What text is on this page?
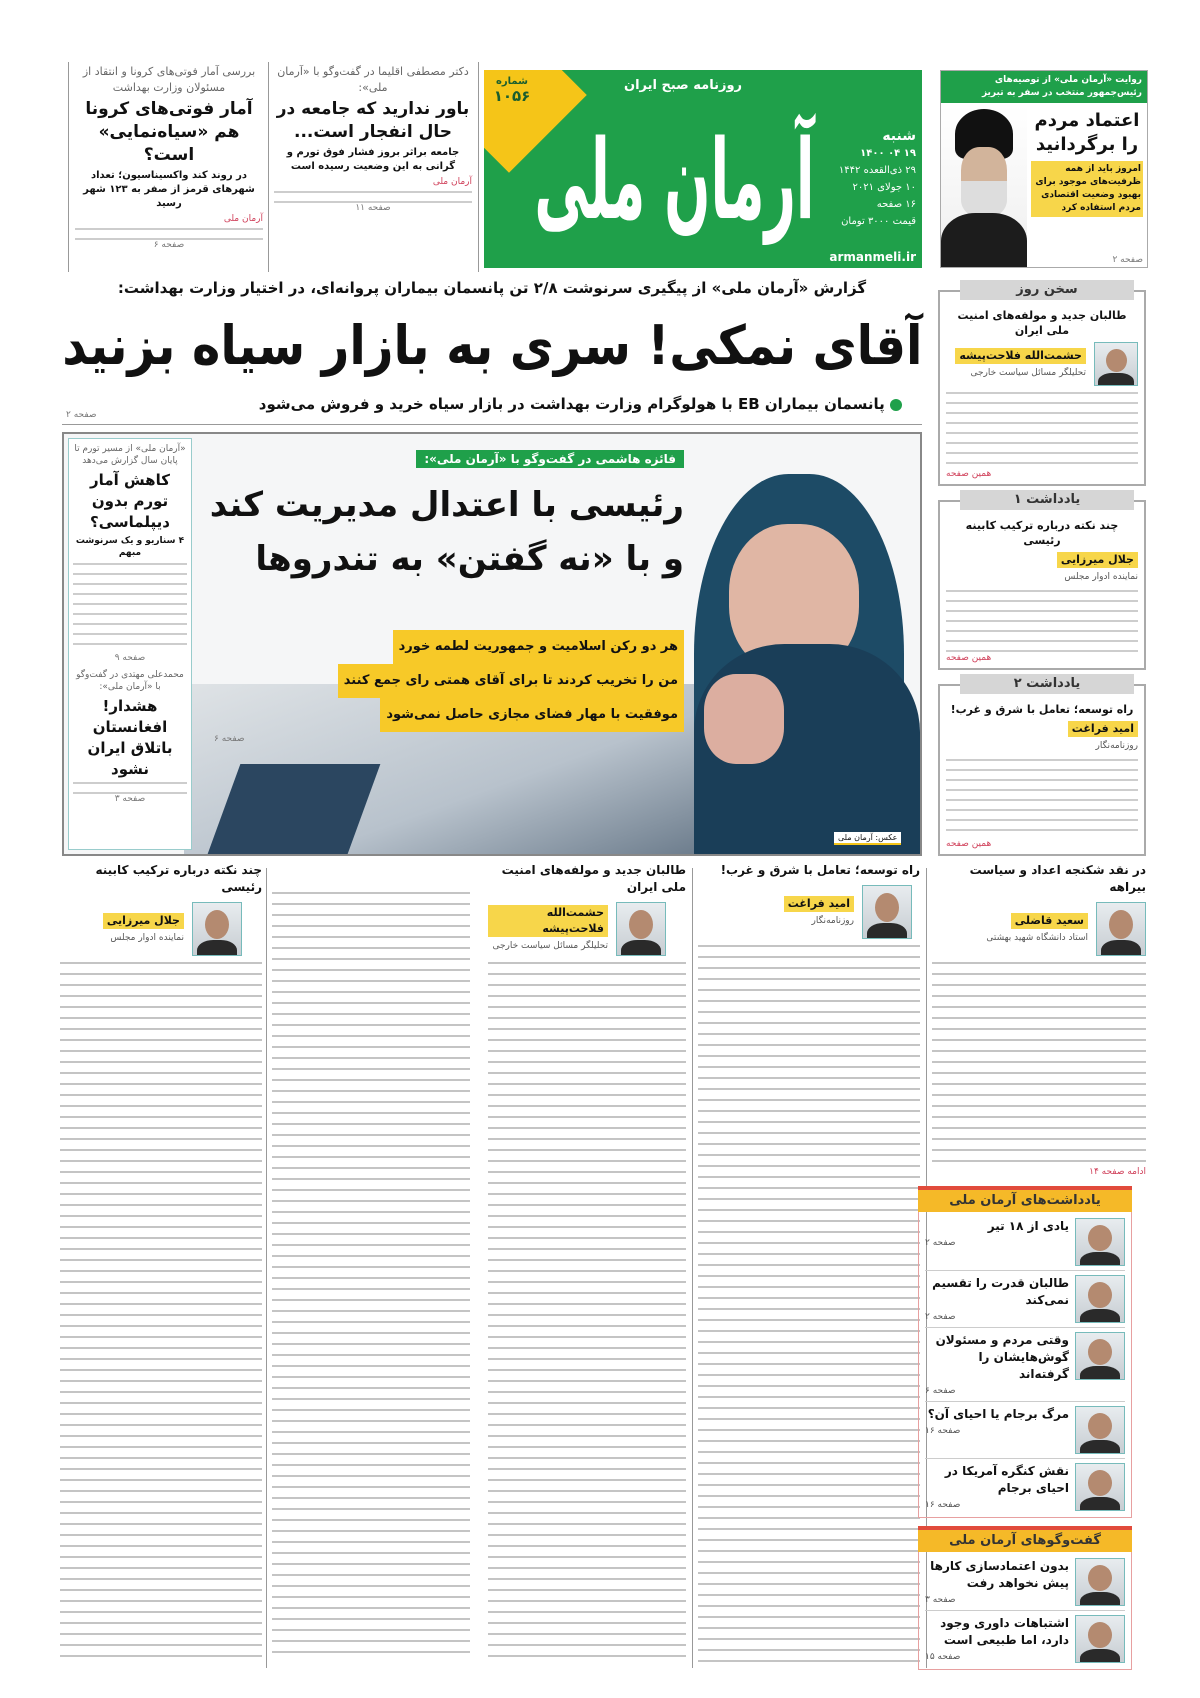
بررسی آمار فوتی‌های کرونا و انتقاد از مسئولان وزارت بهداشت
آمار فوتی‌های کرونا هم «سیاه‌نمایی» است؟
در روند کند واکسیناسیون؛ تعداد شهرهای قرمز از صفر به ۱۲۳ شهر رسید
آرمان ملی
صفحه ۶
دکتر مصطفی اقلیما در گفت‌وگو با «آرمان ملی»:
باور ندارید که جامعه در حال انفجار است...
جامعه براثر بروز فشار فوق تورم و گرانی به این وضعیت رسیده است
آرمان ملی
صفحه ۱۱
شماره
۱۰۵۶
روزنامه صبح ایران
آرمان ملی	شنبه
۱۹ ۰۴ ۱۴۰۰
۲۹ ذی‌القعده ۱۴۴۲
۱۰ جولای ۲۰۲۱
۱۶ صفحه
قیمت ۳۰۰۰ تومان
armanmeli.ir
روایت «آرمان ملی» از توصیه‌های رئیس‌جمهور منتخب در سفر به تبریز
اعتماد مردم را برگردانید
امروز باید از همه ظرفیت‌های موجود برای بهبود وضعیت اقتصادی مردم استفاده کرد
صفحه ۲
گزارش «آرمان ملی» از پیگیری سرنوشت ۲/۸ تن پانسمان بیماران پروانه‌ای، در اختیار وزارت بهداشت:
آقای نمکی! سری به بازار سیاه بزنید
پانسمان بیماران EB با هولوگرام وزارت بهداشت در بازار سیاه خرید و فروش می‌شود
صفحه ۲
«آرمان ملی» از مسیر تورم تا پایان سال گزارش می‌دهد
کاهش آمار تورم بدون دیپلماسی؟
۴ سناریو و یک سرنوشت مبهم
صفحه ۹
محمدعلی مهتدی در گفت‌وگو با «آرمان ملی»:
هشدار! افغانستان باتلاق ایران نشود
صفحه ۳
فائزه هاشمی در گفت‌وگو با «آرمان ملی»:
رئیسی با اعتدال مدیریت کند
و با «نه گفتن» به تندروها
هر دو رکن اسلامیت و جمهوریت لطمه خورد
من را تخریب کردند تا برای آقای همتی رای جمع کنند
موفقیت با مهار فضای مجازی حاصل نمی‌شود
صفحه ۶
عکس: آرمان ملی
سخن روز
طالبان جدید و مولفه‌های امنیت ملی ایران
حشمت‌الله فلاحت‌پیشه
تحلیلگر مسائل سیاست خارجی
همین صفحه
یادداشت ۱
چند نکته درباره ترکیب کابینه رئیسی
جلال میرزایی
نماینده ادوار مجلس
همین صفحه
یادداشت ۲
راه توسعه؛ تعامل با شرق و غرب!
امید فراغت
روزنامه‌نگار
همین صفحه
در نقد شکنجه اعداد و سیاست بیراهه
سعید قاضلی
استاد دانشگاه شهید بهشتی
ادامه صفحه ۱۴
راه توسعه؛ تعامل با شرق و غرب!
امید فراغت
روزنامه‌نگار
طالبان جدید و مولفه‌های امنیت ملی ایران
حشمت‌الله فلاحت‌پیشه
تحلیلگر مسائل سیاست خارجی
چند نکته درباره ترکیب کابینه رئیسی
جلال میرزایی
نماینده ادوار مجلس
یادداشت‌های آرمان ملی
یادی از ۱۸ تیر
صفحه ۲
طالبان قدرت را تقسیم نمی‌کند
صفحه ۲
وقتی مردم و مسئولان گوش‌هایشان را گرفته‌اند
صفحه ۶
مرگ برجام یا احیای آن؟
صفحه ۱۶
نقش کنگره آمریکا در احیای برجام
صفحه ۱۶
گفت‌وگوهای آرمان ملی
بدون اعتمادسازی کارها پیش نخواهد رفت
صفحه ۳
اشتباهات داوری وجود دارد، اما طبیعی است
صفحه ۱۵
